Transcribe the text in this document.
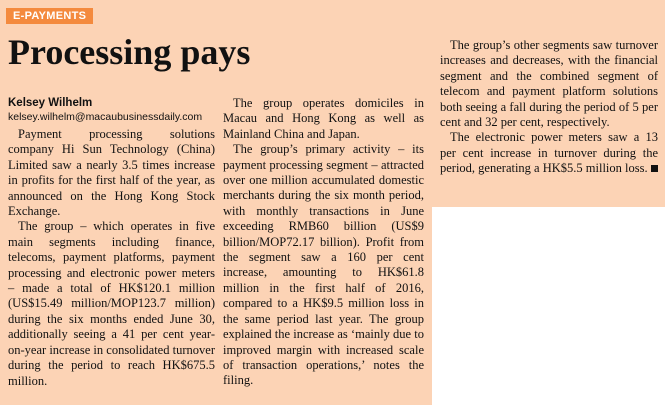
E-PAYMENTS
Processing pays
Kelsey Wilhelm
kelsey.wilhelm@macaubusinessdaily.com

Payment processing solutions company Hi Sun Technology (China) Limited saw a nearly 3.5 times increase in profits for the first half of the year, as announced on the Hong Kong Stock Exchange.

The group – which operates in five main segments including finance, telecoms, payment platforms, payment processing and electronic power meters – made a total of HK$120.1 million (US$15.49 million/MOP123.7 million) during the six months ended June 30, additionally seeing a 41 per cent year-on-year increase in consolidated turnover during the period to reach HK$675.5 million.

The group operates domiciles in Macau and Hong Kong as well as Mainland China and Japan.

The group’s primary activity – its payment processing segment – attracted over one million accumulated domestic merchants during the six month period, with monthly transactions in June exceeding RMB60 billion (US$9 billion/MOP72.17 billion). Profit from the segment saw a 160 per cent increase, amounting to HK$61.8 million in the first half of 2016, compared to a HK$9.5 million loss in the same period last year. The group explained the increase as ‘mainly due to improved margin with increased scale of transaction operations,’ notes the filing.

The group’s other segments saw turnover increases and decreases, with the financial segment and the combined segment of telecom and payment platform solutions both seeing a fall during the period of 5 per cent and 32 per cent, respectively.

The electronic power meters saw a 13 per cent increase in turnover during the period, generating a HK$5.5 million loss.
